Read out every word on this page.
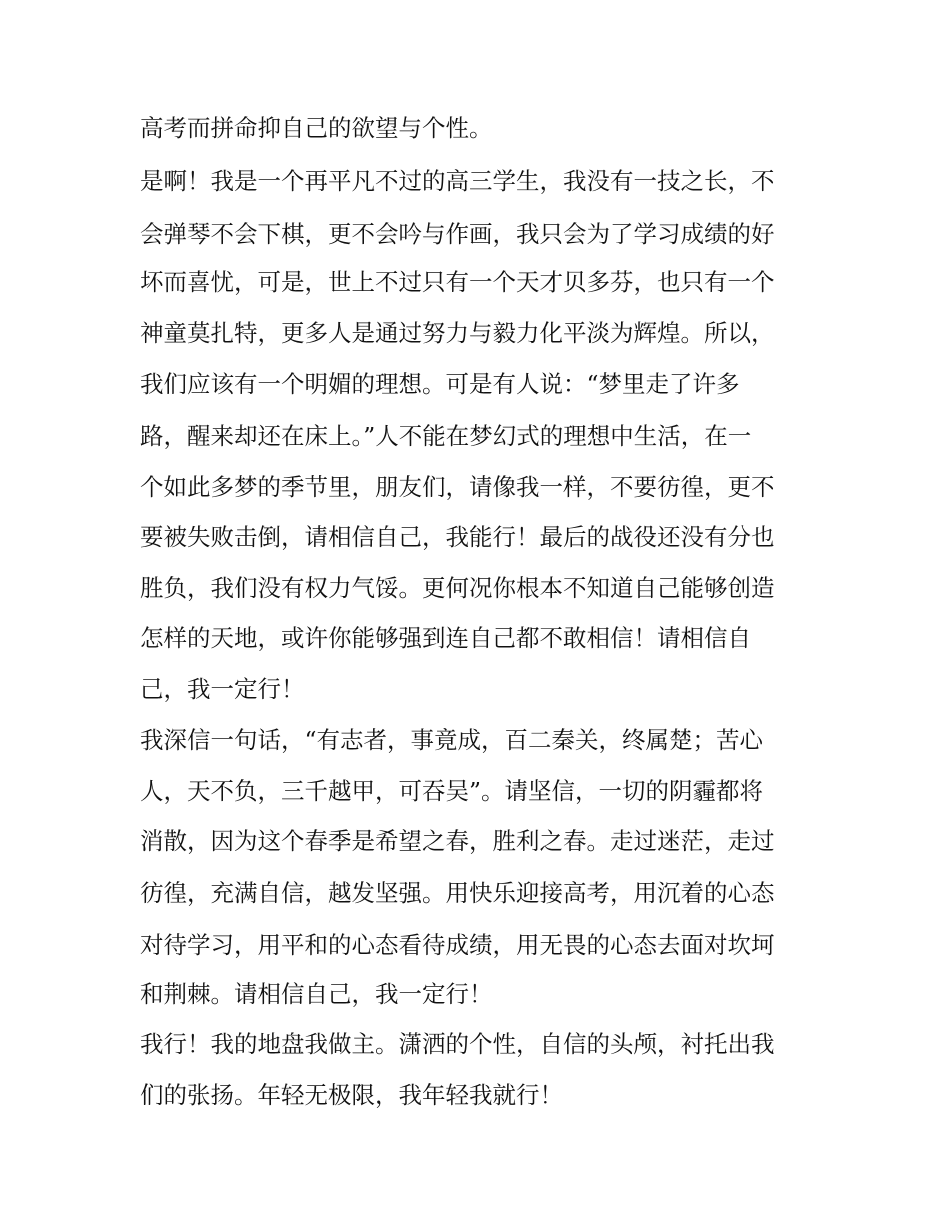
高考而拼命抑自己的欲望与个性。
是啊！我是一个再平凡不过的高三学生，我没有一技之长，不
会弹琴不会下棋，更不会吟与作画，我只会为了学习成绩的好
坏而喜忧，可是，世上不过只有一个天才贝多芬，也只有一个
神童莫扎特，更多人是通过努力与毅力化平淡为辉煌。所以，
我们应该有一个明媚的理想。可是有人说：“梦里走了许多
路，醒来却还在床上。”人不能在梦幻式的理想中生活，在一
个如此多梦的季节里，朋友们，请像我一样，不要彷徨，更不
要被失败击倒，请相信自己，我能行！最后的战役还没有分也
胜负，我们没有权力气馁。更何况你根本不知道自己能够创造
怎样的天地，或许你能够强到连自己都不敢相信！请相信自
己，我一定行！
我深信一句话，“有志者，事竟成，百二秦关，终属楚；苦心
人，天不负，三千越甲，可吞吴”。请坚信，一切的阴霾都将
消散，因为这个春季是希望之春，胜利之春。走过迷茫，走过
彷徨，充满自信，越发坚强。用快乐迎接高考，用沉着的心态
对待学习，用平和的心态看待成绩，用无畏的心态去面对坎坷
和荆棘。请相信自己，我一定行！
我行！我的地盘我做主。潇洒的个性，自信的头颅，衬托出我
们的张扬。年轻无极限，我年轻我就行！
